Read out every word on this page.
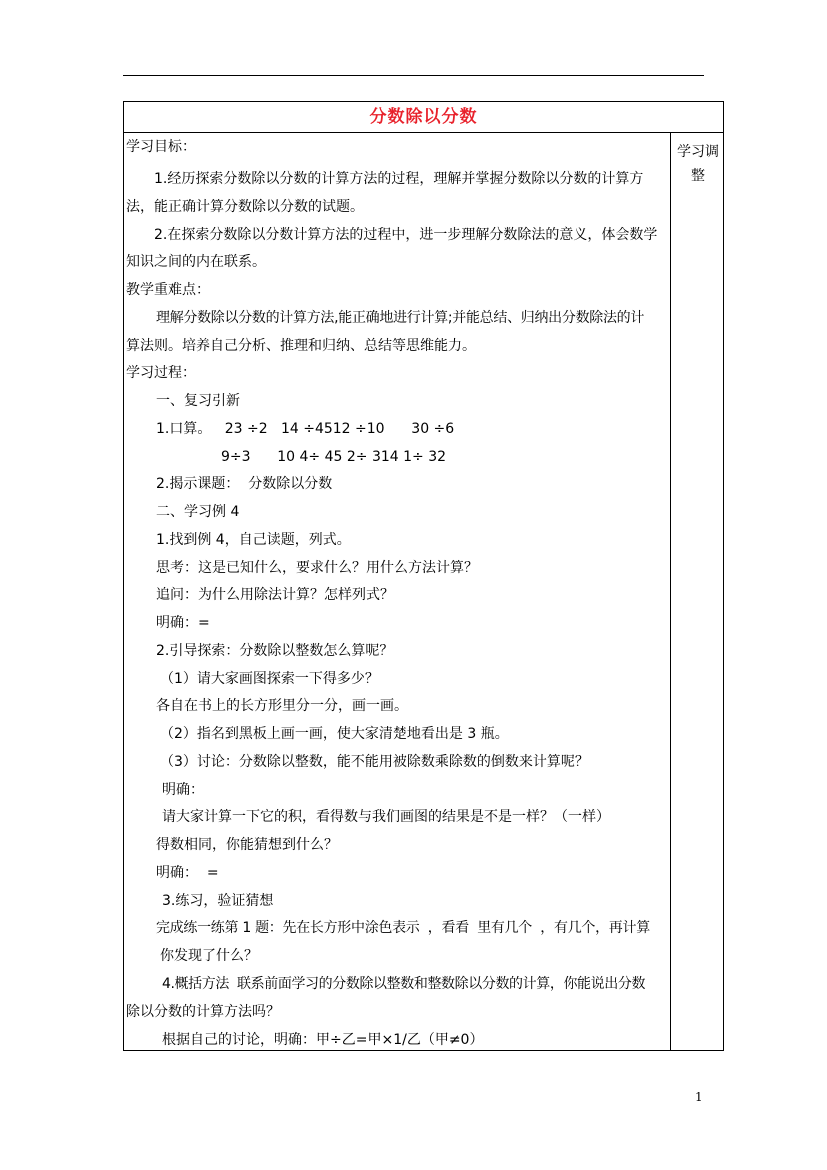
分数除以分数
学习调
整
学习目标：
1.经历探索分数除以分数的计算方法的过程，理解并掌握分数除以分数的计算方
法，能正确计算分数除以分数的试题。
2.在探索分数除以分数计算方法的过程中，进一步理解分数除法的意义，体会数学
知识之间的内在联系。
教学重难点：
理解分数除以分数的计算方法,能正确地进行计算;并能总结、归纳出分数除法的计
算法则。培养自己分析、推理和归纳、总结等思维能力。
学习过程：
一、复习引新
1.口算。   23 ÷2   14 ÷4512 ÷10      30 ÷6
9÷3      10 4÷ 45 2÷ 314 1÷ 32
2.揭示课题：  分数除以分数
二、学习例 4
1.找到例 4，自己读题，列式。
思考：这是已知什么，要求什么？用什么方法计算？
追问：为什么用除法计算？怎样列式？
明确：=
2.引导探索：分数除以整数怎么算呢？
（1）请大家画图探索一下得多少？
各自在书上的长方形里分一分，画一画。
（2）指名到黑板上画一画，使大家清楚地看出是 3 瓶。
（3）讨论：分数除以整数，能不能用被除数乘除数的倒数来计算呢？
明确：
请大家计算一下它的积，看得数与我们画图的结果是不是一样？（一样）
得数相同，你能猜想到什么？
明确：  =
3.练习，验证猜想
完成练一练第 1 题：先在长方形中涂色表示  ，看看  里有几个  ，有几个，再计算
你发现了什么？
4.概括方法  联系前面学习的分数除以整数和整数除以分数的计算，你能说出分数
除以分数的计算方法吗？
根据自己的讨论，明确：甲÷乙=甲×1/乙（甲≠0）
1
